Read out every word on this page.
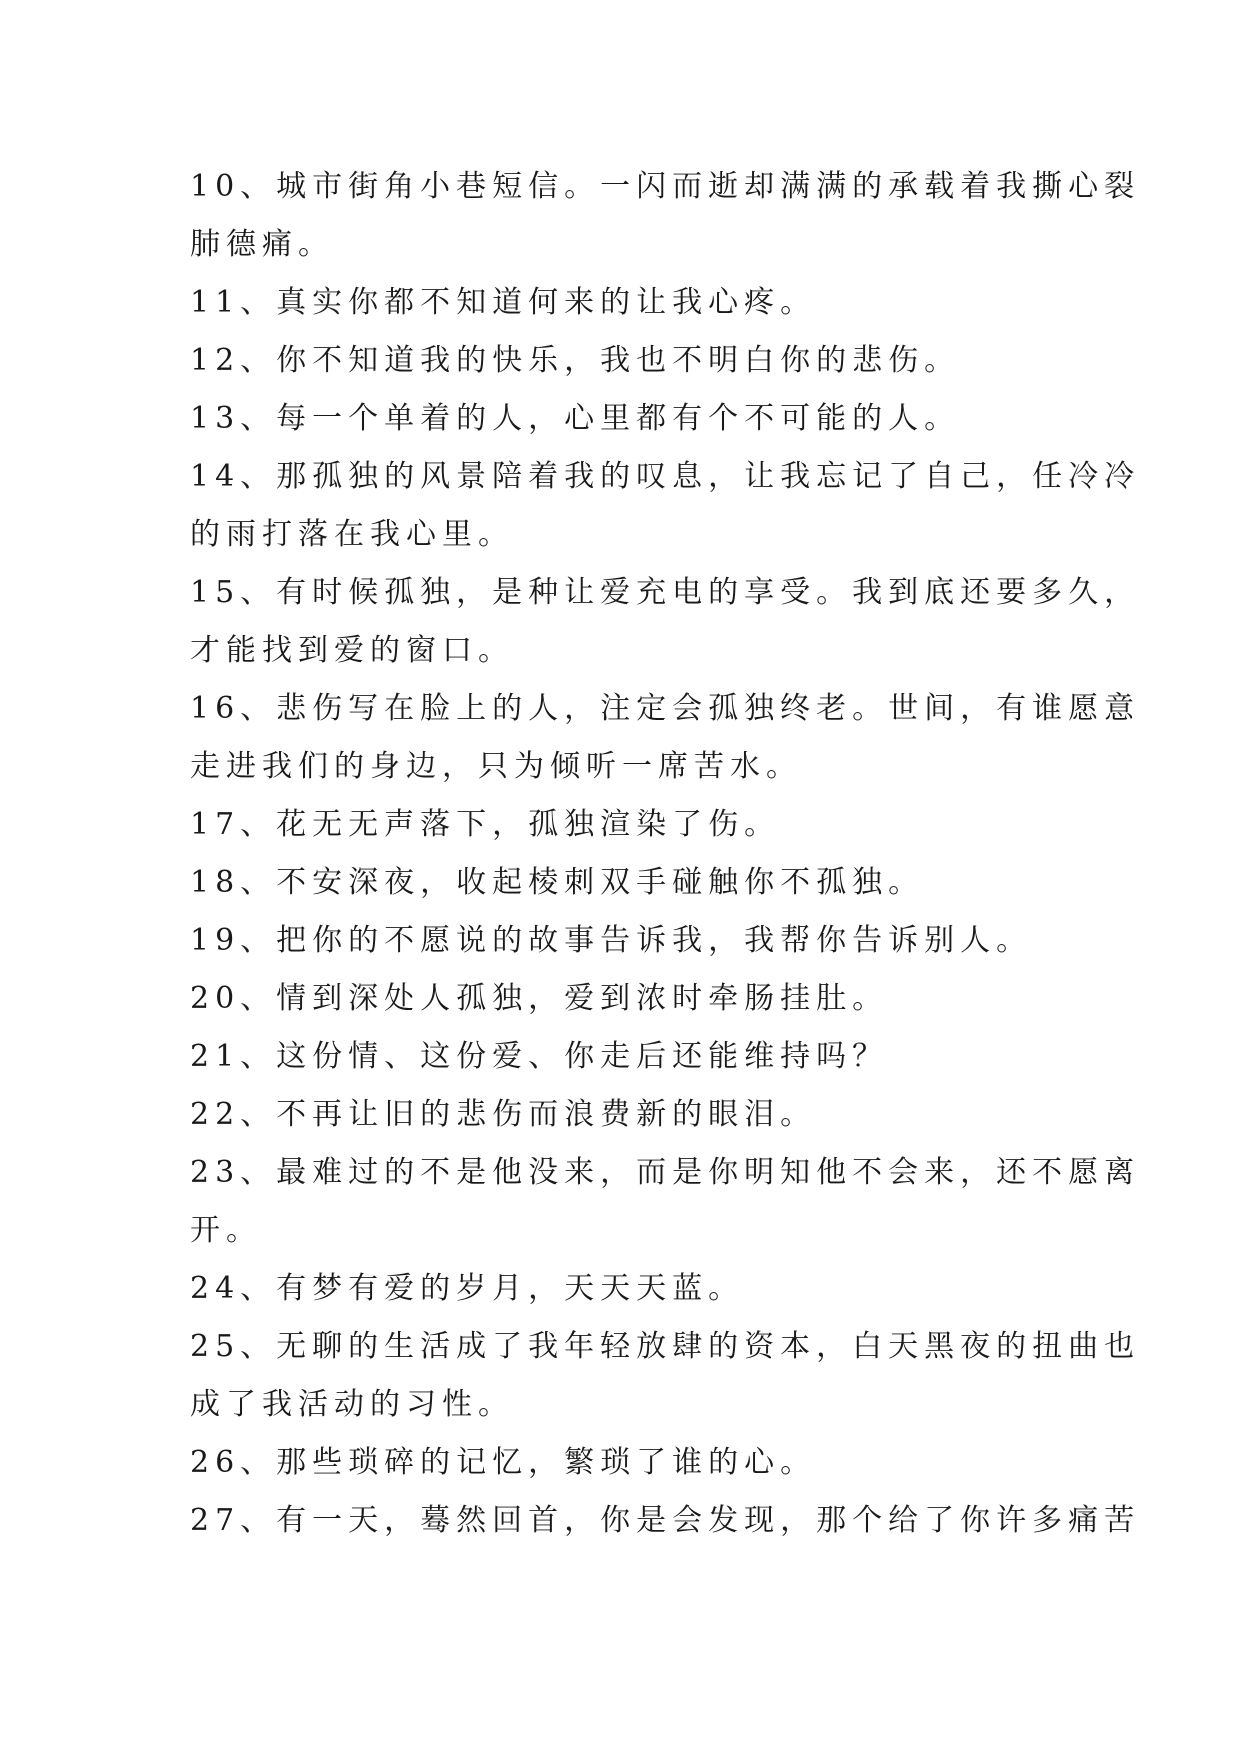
10、城市街角小巷短信。一闪而逝却满满的承载着我撕心裂
肺德痛。
11、真实你都不知道何来的让我心疼。
12、你不知道我的快乐，我也不明白你的悲伤。
13、每一个单着的人，心里都有个不可能的人。
14、那孤独的风景陪着我的叹息，让我忘记了自己，任冷冷
的雨打落在我心里。
15、有时候孤独，是种让爱充电的享受。我到底还要多久，
才能找到爱的窗口。
16、悲伤写在脸上的人，注定会孤独终老。世间，有谁愿意
走进我们的身边，只为倾听一席苦水。
17、花无无声落下，孤独渲染了伤。
18、不安深夜，收起棱刺双手碰触你不孤独。
19、把你的不愿说的故事告诉我，我帮你告诉别人。
20、情到深处人孤独，爱到浓时牵肠挂肚。
21、这份情、这份爱、你走后还能维持吗？
22、不再让旧的悲伤而浪费新的眼泪。
23、最难过的不是他没来，而是你明知他不会来，还不愿离
开。
24、有梦有爱的岁月，天天天蓝。
25、无聊的生活成了我年轻放肆的资本，白天黑夜的扭曲也
成了我活动的习性。
26、那些琐碎的记忆，繁琐了谁的心。
27、有一天，蓦然回首，你是会发现，那个给了你许多痛苦
